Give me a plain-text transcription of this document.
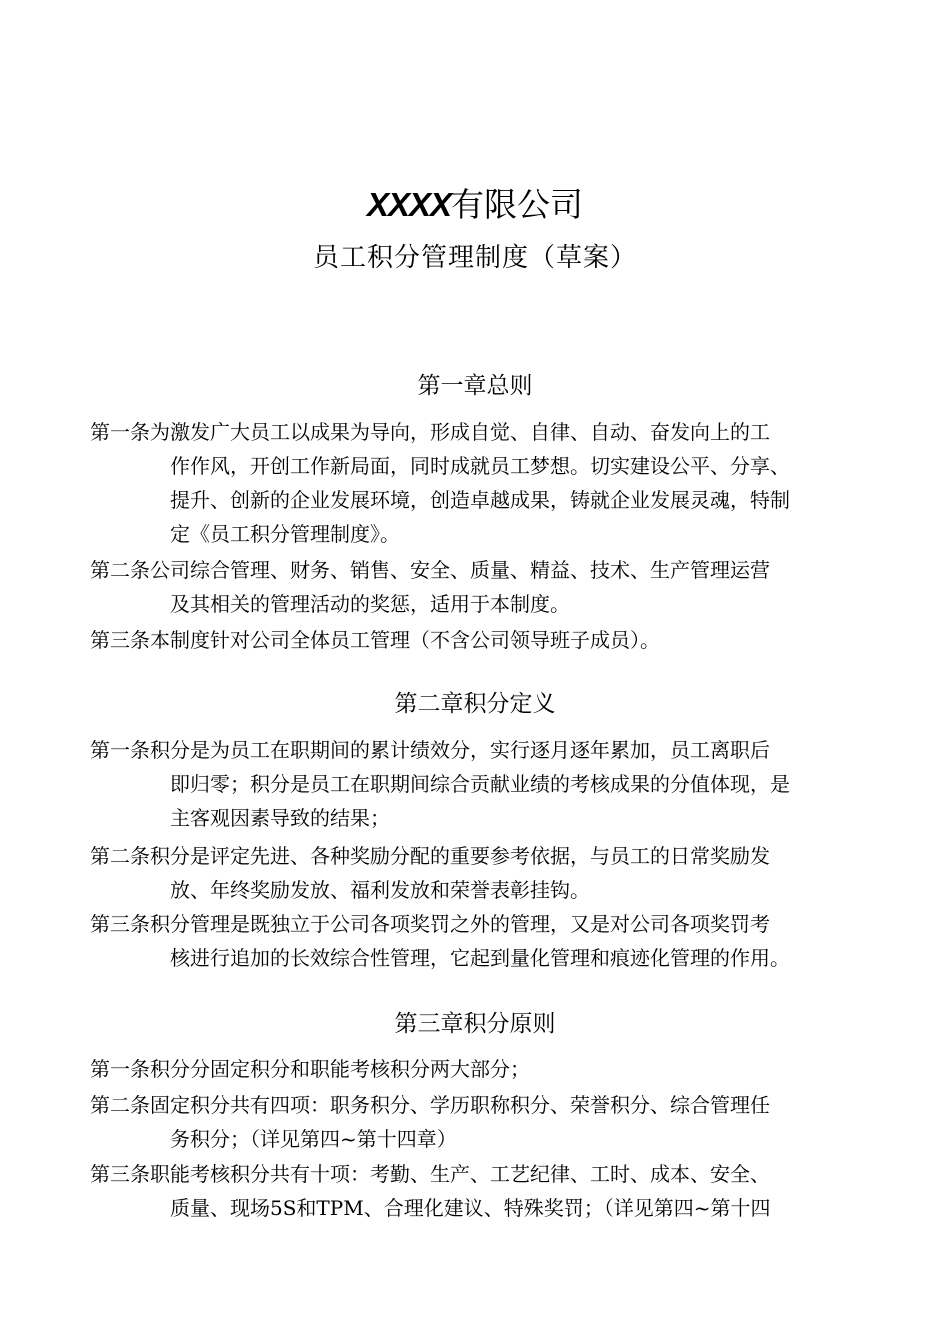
XXXX有限公司
员工积分管理制度（草案）
第一章总则
第一条为激发广大员工以成果为导向，形成自觉、自律、自动、奋发向上的工
作作风，开创工作新局面，同时成就员工梦想。切实建设公平、分享、
提升、创新的企业发展环境，创造卓越成果，铸就企业发展灵魂，特制
定《员工积分管理制度》。
第二条公司综合管理、财务、销售、安全、质量、精益、技术、生产管理运营
及其相关的管理活动的奖惩，适用于本制度。
第三条本制度针对公司全体员工管理（不含公司领导班子成员）。
第二章积分定义
第一条积分是为员工在职期间的累计绩效分，实行逐月逐年累加，员工离职后
即归零；积分是员工在职期间综合贡献业绩的考核成果的分值体现，是
主客观因素导致的结果；
第二条积分是评定先进、各种奖励分配的重要参考依据，与员工的日常奖励发
放、年终奖励发放、福利发放和荣誉表彰挂钩。
第三条积分管理是既独立于公司各项奖罚之外的管理，又是对公司各项奖罚考
核进行追加的长效综合性管理，它起到量化管理和痕迹化管理的作用。
第三章积分原则
第一条积分分固定积分和职能考核积分两大部分；
第二条固定积分共有四项：职务积分、学历职称积分、荣誉积分、综合管理任
务积分；（详见第四~第十四章）
第三条职能考核积分共有十项：考勤、生产、工艺纪律、工时、成本、安全、
质量、现场5S和TPM、合理化建议、特殊奖罚；（详见第四~第十四
